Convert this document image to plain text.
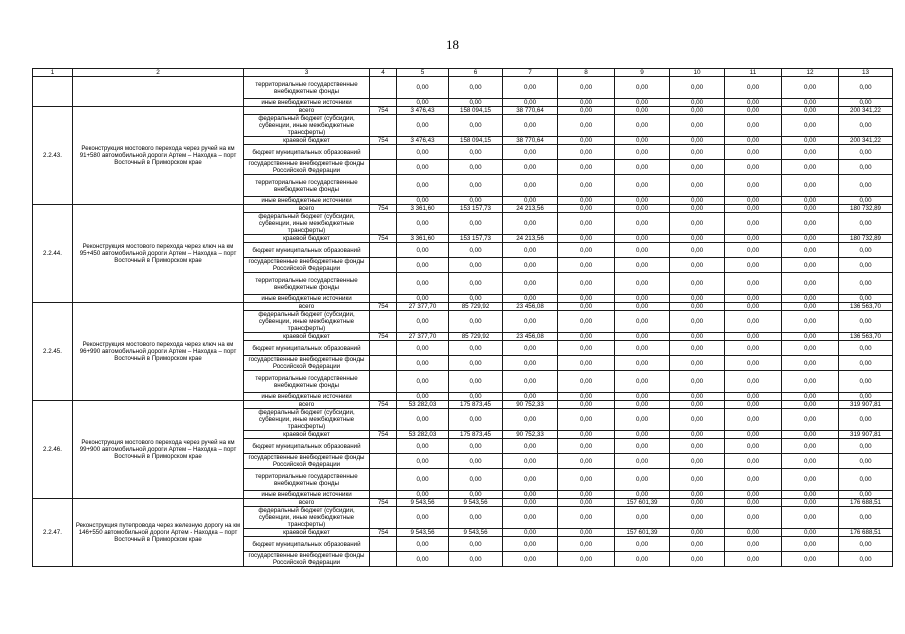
18
1	2	3	4	5	6	7	8	9	10	11	12	13
		территориальные государственные внебюджетные фонды		0,00	0,00	0,00	0,00	0,00	0,00	0,00	0,00	0,00
		иные внебюджетные источники		0,00	0,00	0,00	0,00	0,00	0,00	0,00	0,00	0,00
2.2.43.	Реконструкция мостового перехода через ручей на км 91+580 автомобильной дороги Артем – Находка – порт Восточный в Приморском крае	всего	754	3 476,43	158 094,15	38 770,64	0,00	0,00	0,00	0,00	0,00	200 341,22
		федеральный бюджет (субсидии, субвенции, иные межбюджетные трансферты)		0,00	0,00	0,00	0,00	0,00	0,00	0,00	0,00	0,00
		краевой бюджет	754	3 476,43	158 094,15	38 770,64	0,00	0,00	0,00	0,00	0,00	200 341,22
		бюджет муниципальных образований		0,00	0,00	0,00	0,00	0,00	0,00	0,00	0,00	0,00
		государственные внебюджетные фонды Российской Федерации		0,00	0,00	0,00	0,00	0,00	0,00	0,00	0,00	0,00
		территориальные государственные внебюджетные фонды		0,00	0,00	0,00	0,00	0,00	0,00	0,00	0,00	0,00
		иные внебюджетные источники		0,00	0,00	0,00	0,00	0,00	0,00	0,00	0,00	0,00
2.2.44.	Реконструкция мостового перехода через ключ на км 95+450 автомобильной дороги Артем – Находка – порт Восточный в Приморском крае	всего	754	3 361,60	153 157,73	24 213,56	0,00	0,00	0,00	0,00	0,00	180 732,89
		федеральный бюджет (субсидии, субвенции, иные межбюджетные трансферты)		0,00	0,00	0,00	0,00	0,00	0,00	0,00	0,00	0,00
		краевой бюджет	754	3 361,60	153 157,73	24 213,56	0,00	0,00	0,00	0,00	0,00	180 732,89
		бюджет муниципальных образований		0,00	0,00	0,00	0,00	0,00	0,00	0,00	0,00	0,00
		государственные внебюджетные фонды Российской Федерации		0,00	0,00	0,00	0,00	0,00	0,00	0,00	0,00	0,00
		территориальные государственные внебюджетные фонды		0,00	0,00	0,00	0,00	0,00	0,00	0,00	0,00	0,00
		иные внебюджетные источники		0,00	0,00	0,00	0,00	0,00	0,00	0,00	0,00	0,00
2.2.45.	Реконструкция мостового перехода через ключ на км 96+990 автомобильной дороги Артем – Находка – порт Восточный в Приморском крае	всего	754	27 377,70	85 729,92	23 456,08	0,00	0,00	0,00	0,00	0,00	136 563,70
		федеральный бюджет (субсидии, субвенции, иные межбюджетные трансферты)		0,00	0,00	0,00	0,00	0,00	0,00	0,00	0,00	0,00
		краевой бюджет	754	27 377,70	85 729,92	23 456,08	0,00	0,00	0,00	0,00	0,00	136 563,70
		бюджет муниципальных образований		0,00	0,00	0,00	0,00	0,00	0,00	0,00	0,00	0,00
		государственные внебюджетные фонды Российской Федерации		0,00	0,00	0,00	0,00	0,00	0,00	0,00	0,00	0,00
		территориальные государственные внебюджетные фонды		0,00	0,00	0,00	0,00	0,00	0,00	0,00	0,00	0,00
		иные внебюджетные источники		0,00	0,00	0,00	0,00	0,00	0,00	0,00	0,00	0,00
2.2.46.	Реконструкция мостового перехода через ручей на км 99+900 автомобильной дороги Артем – Находка – порт Восточный в Приморском крае	всего	754	53 282,03	175 873,45	90 752,33	0,00	0,00	0,00	0,00	0,00	319 907,81
		федеральный бюджет (субсидии, субвенции, иные межбюджетные трансферты)		0,00	0,00	0,00	0,00	0,00	0,00	0,00	0,00	0,00
		краевой бюджет	754	53 282,03	175 873,45	90 752,33	0,00	0,00	0,00	0,00	0,00	319 907,81
		бюджет муниципальных образований		0,00	0,00	0,00	0,00	0,00	0,00	0,00	0,00	0,00
		государственные внебюджетные фонды Российской Федерации		0,00	0,00	0,00	0,00	0,00	0,00	0,00	0,00	0,00
		территориальные государственные внебюджетные фонды		0,00	0,00	0,00	0,00	0,00	0,00	0,00	0,00	0,00
		иные внебюджетные источники		0,00	0,00	0,00	0,00	0,00	0,00	0,00	0,00	0,00
2.2.47.	Реконструкция путепровода через железную дорогу на км 146+550 автомобильной дороги Артем - Находка – порт Восточный в Приморском крае	всего	754	9 543,56	9 543,56	0,00	0,00	157 601,39	0,00	0,00	0,00	176 688,51
		федеральный бюджет (субсидии, субвенции, иные межбюджетные трансферты)		0,00	0,00	0,00	0,00	0,00	0,00	0,00	0,00	0,00
		краевой бюджет	754	9 543,56	9 543,56	0,00	0,00	157 601,39	0,00	0,00	0,00	176 688,51
		бюджет муниципальных образований		0,00	0,00	0,00	0,00	0,00	0,00	0,00	0,00	0,00
		государственные внебюджетные фонды Российской Федерации		0,00	0,00	0,00	0,00	0,00	0,00	0,00	0,00	0,00
